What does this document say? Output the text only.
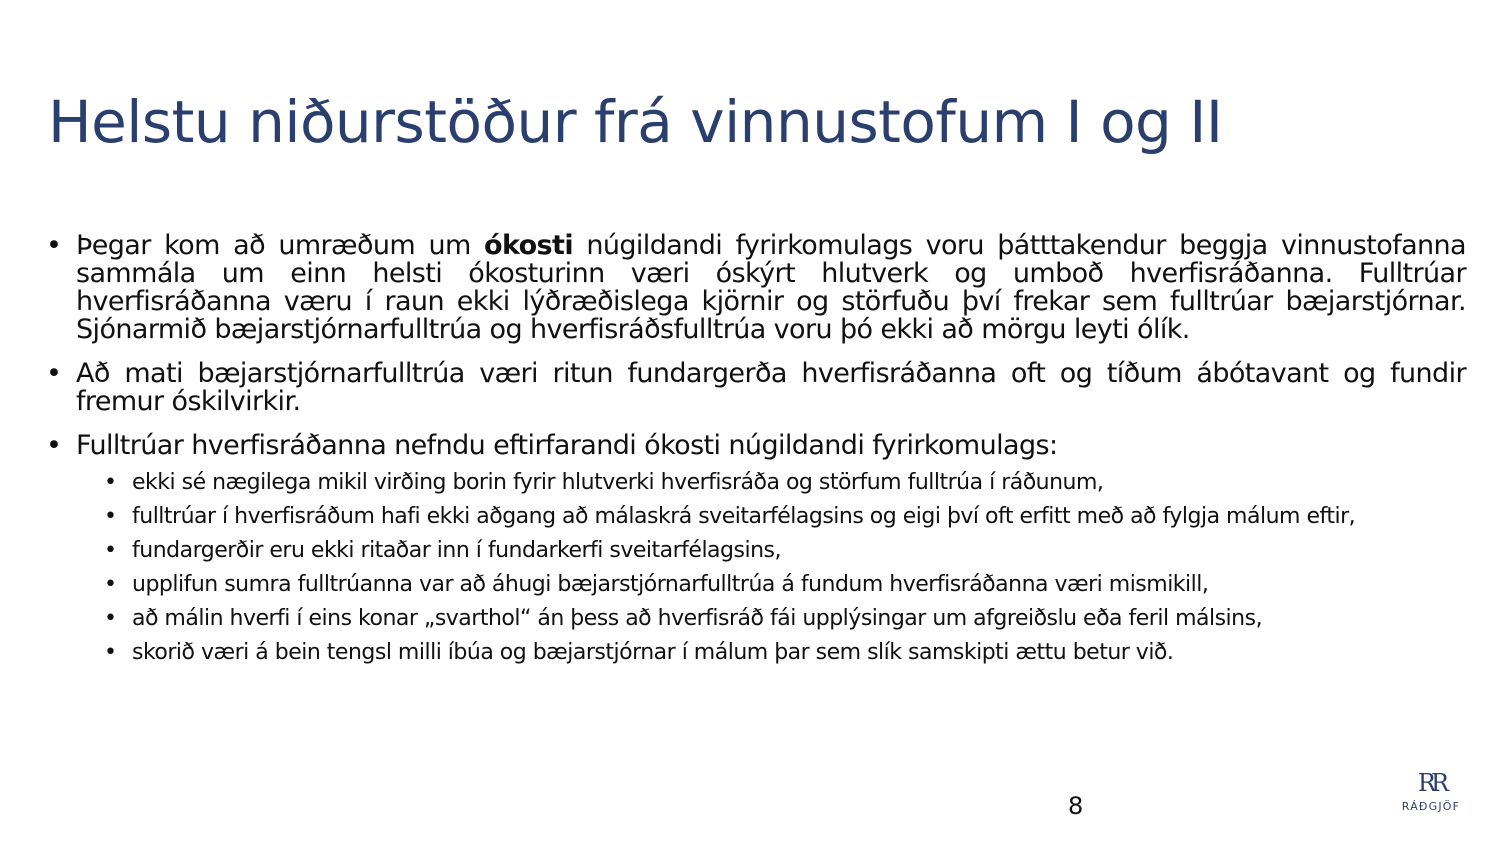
Helstu niðurstöður frá vinnustofum I og II
• Þegar kom að umræðum um ókosti núgildandi fyrirkomulags voru þátttakendur beggja vinnustofanna sammála um einn helsti ókosturinn væri óskýrt hlutverk og umboð hverfisráðanna. Fulltrúar hverfisráðanna væru í raun ekki lýðræðislega kjörnir og störfuðu því frekar sem fulltrúar bæjarstjórnar. Sjónarmið bæjarstjórnarfulltrúa og hverfisráðsfulltrúa voru þó ekki að mörgu leyti ólík.
• Að mati bæjarstjórnarfulltrúa væri ritun fundargerða hverfisráðanna oft og tíðum ábótavant og fundir fremur óskilvirkir.
• Fulltrúar hverfisráðanna nefndu eftirfarandi ókosti núgildandi fyrirkomulags:
• ekki sé nægilega mikil virðing borin fyrir hlutverki hverfisráða og störfum fulltrúa í ráðunum,
• fulltrúar í hverfisráðum hafi ekki aðgang að málaskrá sveitarfélagsins og eigi því oft erfitt með að fylgja málum eftir,
• fundargerðir eru ekki ritaðar inn í fundarkerfi sveitarfélagsins,
• upplifun sumra fulltrúanna var að áhugi bæjarstjórnarfulltrúa á fundum hverfisráðanna væri mismikill,
• að málin hverfi í eins konar „svarthol“ án þess að hverfisráð fái upplýsingar um afgreiðslu eða feril málsins,
• skorið væri á bein tengsl milli íbúa og bæjarstjórnar í málum þar sem slík samskipti ættu betur við.
8
RR
RÁÐGJÖF
